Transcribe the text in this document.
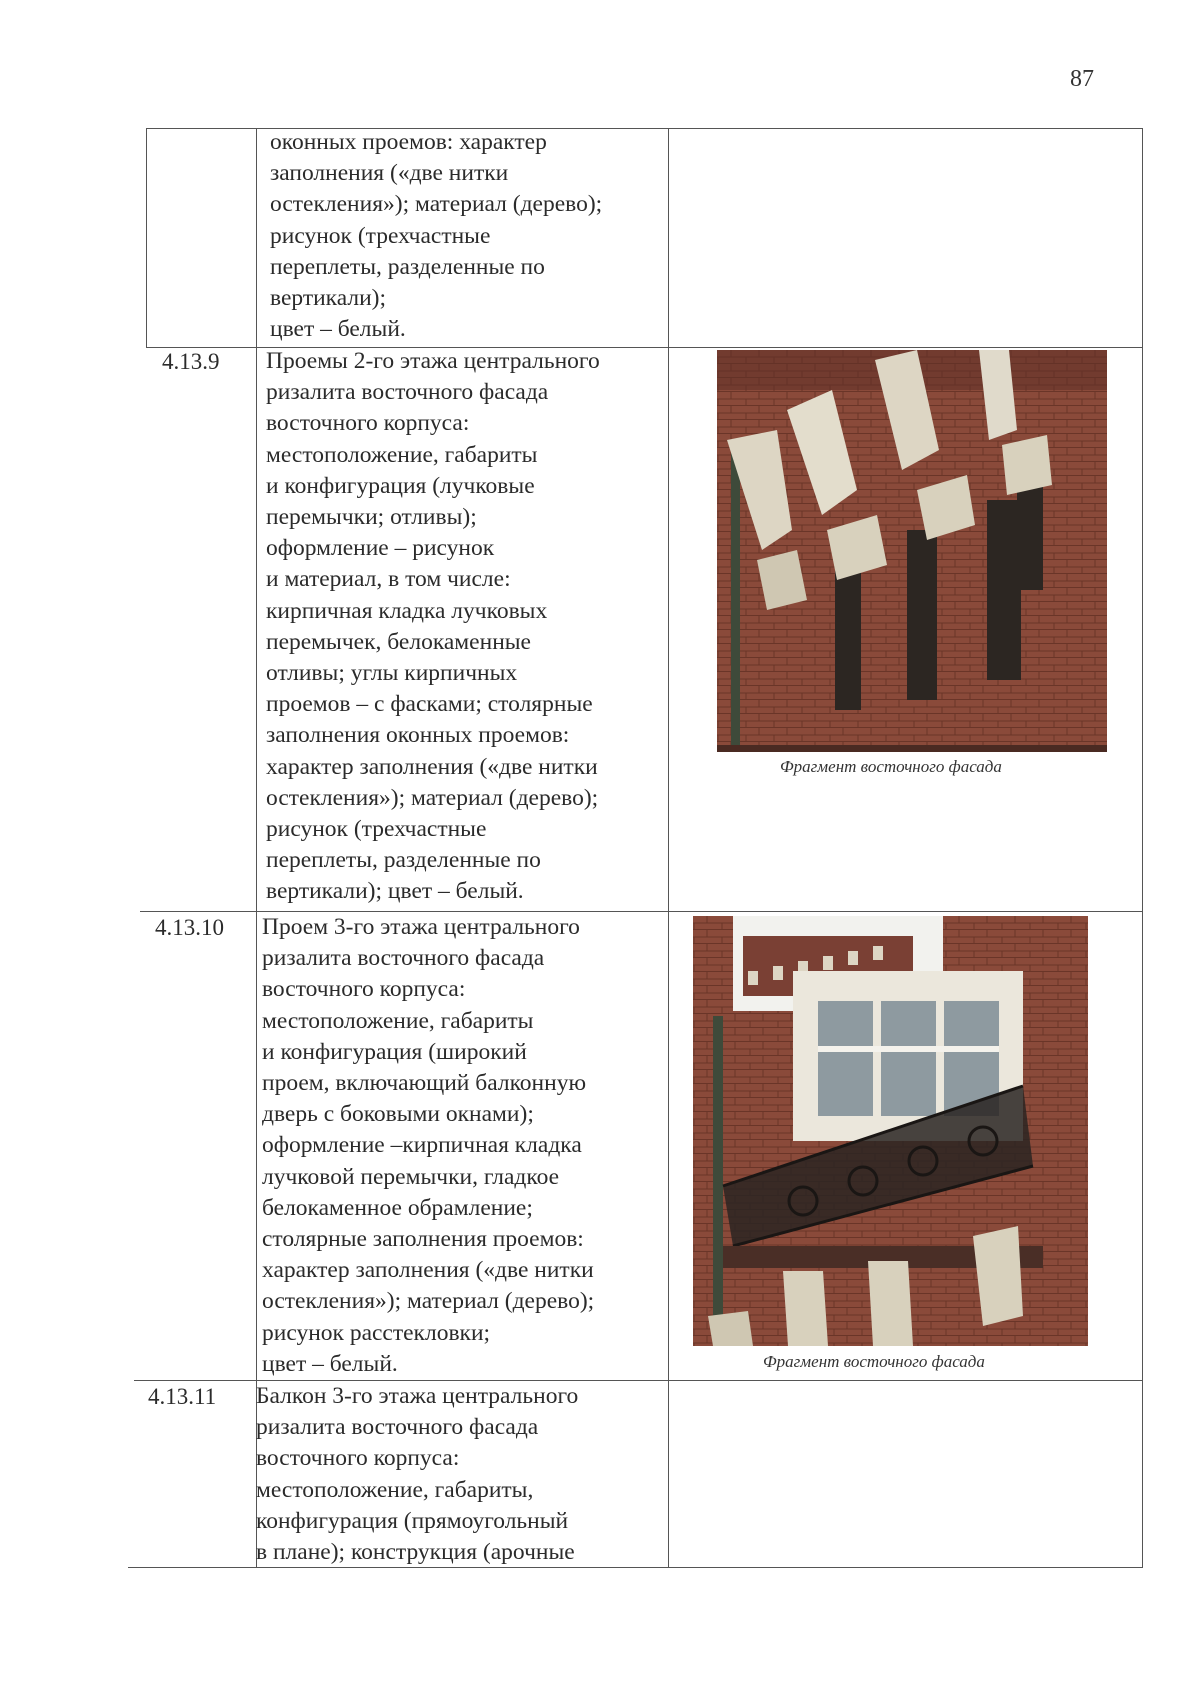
87
оконных проемов: характер
заполнения («две нитки
остекления»); материал (дерево);
рисунок (трехчастные
переплеты, разделенные по
вертикали);
цвет – белый.
4.13.9 Проемы 2-го этажа центрального
ризалита восточного фасада
восточного корпуса:
местоположение, габариты
и конфигурация (лучковые
перемычки; отливы);
оформление – рисунок
и материал, в том числе:
кирпичная кладка лучковых
перемычек, белокаменные
отливы; углы кирпичных
проемов – с фасками; столярные
заполнения оконных проемов:
характер заполнения («две нитки
остекления»); материал (дерево);
рисунок (трехчастные
переплеты, разделенные по
вертикали); цвет – белый.
Фрагмент восточного фасада
4.13.10 Проем 3-го этажа центрального
ризалита восточного фасада
восточного корпуса:
местоположение, габариты
и конфигурация (широкий
проем, включающий балконную
дверь с боковыми окнами);
оформление –кирпичная кладка
лучковой перемычки, гладкое
белокаменное обрамление;
столярные заполнения проемов:
характер заполнения («две нитки
остекления»); материал (дерево);
рисунок расстекловки;
цвет – белый.	Фрагмент восточного фасада
4.13.11 Балкон 3-го этажа центрального
ризалита восточного фасада
восточного корпуса:
местоположение, габариты,
конфигурация (прямоугольный
в плане); конструкция (арочные
